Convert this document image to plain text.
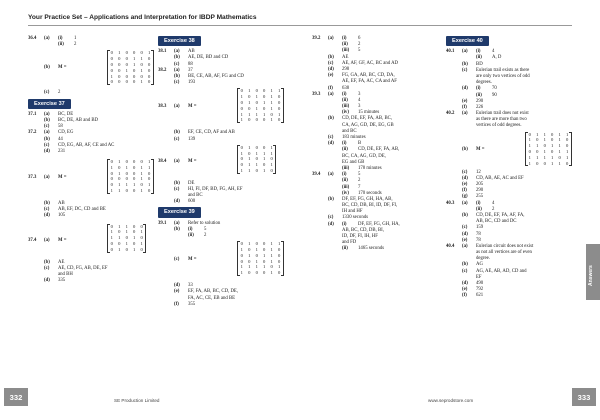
Your Practice Set – Applications and Interpretation for IBDP Mathematics
36.4 (a) (i) 1
(ii) 2
(b) M =
0	1	0	0	0	1
0	0	0	1	1	0
0	0	0	1	0	0
0	0	1	0	1	0
1	0	0	0	0	0
0	0	0	0	1	0
(c) 2
Exercise 37
37.1 (a) BC, DE
(b) BC, DE, AB and BD
(c) 58
37.2 (a) CD, EG
(b) 44
(c) CD, EG, AB, AF, CE and AC
(d) 231
37.3 (a) M =
0	1	0	0	0	1
1	0	1	0	1	1
0	1	0	0	1	0
0	0	0	0	1	0
0	1	1	1	0	1
1	1	0	0	1	0
(b) AB
(c) AB, EF, DC, CD and BE
(d) 105
37.4 (a) M =
0	1	1	0	0
1	0	1	0	1
1	1	0	1	0
0	0	1	0	1
0	1	0	1	0
(b) AE
(c) AE, CD, FG, AB, DE, EF
and BH
(d) 335
Exercise 38
38.1 (a) AB
(b) AE, DE, BD and CD
(c) 88
38.2 (a) 37
(b) BE, CE, AB, AF, FG and CD
(c) 193
38.3 (a) M =
0	1	0	0	1	1
1	0	1	0	1	0
0	1	0	1	1	0
0	0	1	0	1	0
1	1	1	1	0	1
1	0	0	0	1	0
(b) EF, CE, CD, AF and AB
(c) 139
38.4 (a) M =
0	1	0	0	1
1	0	1	1	1
0	1	0	1	0
0	1	1	0	1
1	1	0	1	0
(b) DE
(c) HI, FI, DF, BD, FG, AH, EF
and BC
(d) 600
Exercise 39
39.1 (a) Refer to solution
(b) (i) 5
(ii) 2
(c) M =
0	1	0	0	1	1
1	0	1	0	1	0
0	1	0	1	1	0
0	0	1	0	1	0
1	1	1	1	0	1
1	0	0	0	1	0
(d) 33
(e) EF, FA, AB, BC, CD, DE,
FA, AC, CE, EB and BE
(f) 355
39.2 (a) (i) 6
(ii) 2
(iii) 5
(b) AE
(c) AE, AF, GF, AC, BC and AD
(d) 298
(e) FG, GA, AB, BC, CD, DA,
AE, EF, FA, AC, CA and AF
(f) 638
39.3 (a) (i) 3
(ii) 4
(iii) 3
(iv) 15 minutes
(b) CD, DE, EF, FA, AB, BC,
CA, AG, GD, DE, EG, GB
and BC
(c) 183 minutes
(d) (i) B
(ii) CD, DE, EF, FA, AB,
BC, CA, AG, GD, DE,
EG and GB
(iii) 178 minutes
39.4 (a) (i) 5
(ii) 2
(iii) 7
(iv) 170 seconds
(b) DF, EF, FG, GH, HA, AB,
BC, CD, DB, BI, ID, DF, FI,
IH and HF
(c) 1330 seconds
(d) (i) DF, EF, FG, GH, HA,
AB, BC, CD, DB, BI,
ID, DF, FI, IH, HF
and FD
(ii) 1465 seconds
Exercise 40
40.1 (a) (i) 4
(ii) A, D
(b) BD
(c) Eulerian trail exists as there
are only two vertices of odd
degrees.
(d) (i) 70
(ii) 90
(e) 290
(f) 226
40.2 (a) Eulerian trail does not exist
as there are more than two
vertices of odd degrees.
(b) M =
0	1	1	0	1	1
1	0	1	0	1	0
1	1	0	1	1	0
0	0	1	0	1	1
1	1	1	1	0	1
1	0	0	1	1	0
(c) 12
(d) CD, AB, AE, AC and EF
(e) 205
(f) 290
(g) 255
40.3 (a) (i) 4
(ii) 2
(b) CD, DE, EF, FA, AF, FA,
AB, BC, CD and DC
(c) 159
(d) 78
(e) 78
40.4 (a) Eulerian circuit does not exist
as not all vertices are of even
degree.
(b) AG
(c) AG, AE, AB, AD, CD and
EF
(d) 490
(e) 792
(f) 621
Answers
332	333
SE Production Limited	www.seprodstore.com
